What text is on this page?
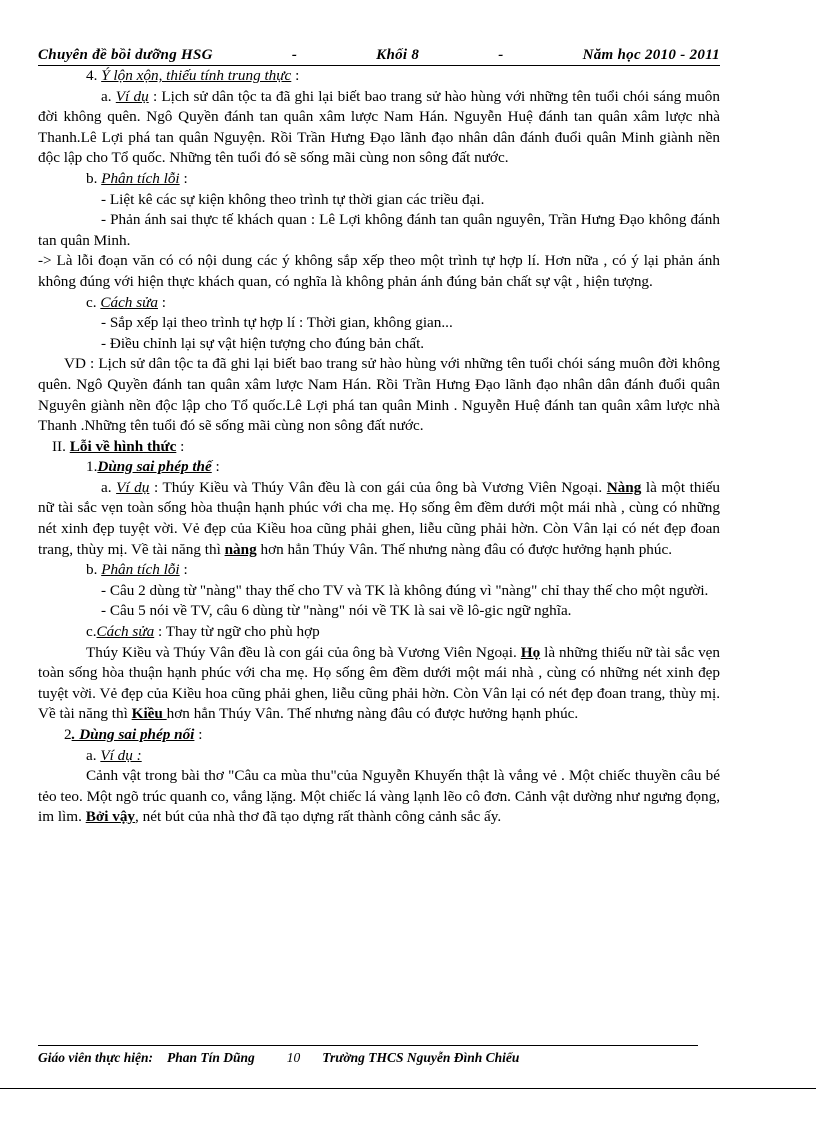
Chuyên đề bồi dưỡng HSG	-	Khối 8	-	Năm học 2010 - 2011

4. Ý lộn xộn, thiếu tính trung thực :

a. Ví dụ : Lịch sử dân tộc ta đã ghi lại biết bao trang sử hào hùng với những tên tuổi chói sáng muôn đời không quên. Ngô Quyền đánh tan quân xâm lược Nam Hán. Nguyễn Huệ đánh tan quân xâm lược nhà Thanh.Lê Lợi phá tan quân Nguyện. Rồi Trần Hưng Đạo lãnh đạo nhân dân đánh đuổi quân Minh giành nền độc lập cho Tổ quốc. Những tên tuổi đó sẽ sống mãi cùng non sông đất nước.

b. Phân tích lỗi :

- Liệt kê các sự kiện không theo trình tự thời gian các triều đại.

- Phản ánh sai thực tế khách quan : Lê Lợi không đánh tan quân nguyên, Trần Hưng Đạo không đánh tan quân Minh.

-> Là lỗi đoạn văn có có nội dung các ý không sắp xếp theo một trình tự hợp lí. Hơn nữa , có ý lại phản ánh không đúng với hiện thực khách quan, có nghĩa là không phản ánh đúng bản chất sự vật , hiện tượng.

c. Cách sửa :

- Sắp xếp lại theo trình tự hợp lí : Thời gian, không gian...

- Điều chỉnh lại sự vật hiện tượng cho đúng bản chất.

VD : Lịch sử dân tộc ta đã ghi lại biết bao trang sử hào hùng với những tên tuổi chói sáng muôn đời không quên. Ngô Quyền đánh tan quân xâm lược Nam Hán. Rồi Trần Hưng Đạo lãnh đạo nhân dân đánh đuổi quân Nguyên giành nền độc lập cho Tổ quốc.Lê Lợi phá tan quân Minh . Nguyễn Huệ đánh tan quân xâm lược nhà Thanh .Những tên tuổi đó sẽ sống mãi cùng non sông đất nước.

II. Lỗi về hình thức :

1.Dùng sai phép thế :

a. Ví dụ : Thúy Kiều và Thúy Vân đều là con gái của ông bà Vương Viên Ngoại. Nàng là một thiếu nữ tài sắc vẹn toàn sống hòa thuận hạnh phúc với cha mẹ. Họ sống êm đềm dưới một mái nhà , cùng có những nét xinh đẹp tuyệt vời. Vẻ đẹp của Kiều hoa cũng phải ghen, liễu cũng phải hờn. Còn Vân lại có nét đẹp đoan trang, thùy mị. Về tài năng thì nàng hơn hẳn Thúy Vân. Thế nhưng nàng đâu có được hưởng hạnh phúc.

b. Phân tích lỗi :

- Câu 2 dùng từ "nàng" thay thế cho TV và TK là không đúng vì "nàng" chỉ thay thế cho một người.

- Câu 5 nói về TV, câu 6 dùng từ "nàng" nói về TK là sai về lô-gic ngữ nghĩa.

c.Cách sửa : Thay từ ngữ cho phù hợp

Thúy Kiều và Thúy Vân đều là con gái của ông bà Vương Viên Ngoại. Họ là những thiếu nữ tài sắc vẹn toàn sống hòa thuận hạnh phúc với cha mẹ. Họ sống êm đềm dưới một mái nhà , cùng có những nét xinh đẹp tuyệt vời. Vẻ đẹp của Kiều hoa cũng phải ghen, liễu cũng phải hờn. Còn Vân lại có nét đẹp đoan trang, thùy mị. Về tài năng thì Kiều hơn hẳn Thúy Vân. Thế nhưng nàng đâu có được hưởng hạnh phúc.

2. Dùng sai phép nối :

a. Ví dụ :

Cảnh vật trong bài thơ "Câu ca mùa thu"của Nguyễn Khuyến thật là vắng vẻ . Một chiếc thuyền câu bé tẻo teo. Một ngõ trúc quanh co, vắng lặng. Một chiếc lá vàng lạnh lẽo cô đơn. Cảnh vật dường như ngưng đọng, im lìm. Bởi vậy, nét bút của nhà thơ đã tạo dựng rất thành công cảnh sắc ấy.

Giáo viên thực hiện: Phan Tín Dũng 10 Trường THCS Nguyễn Đình Chiểu
